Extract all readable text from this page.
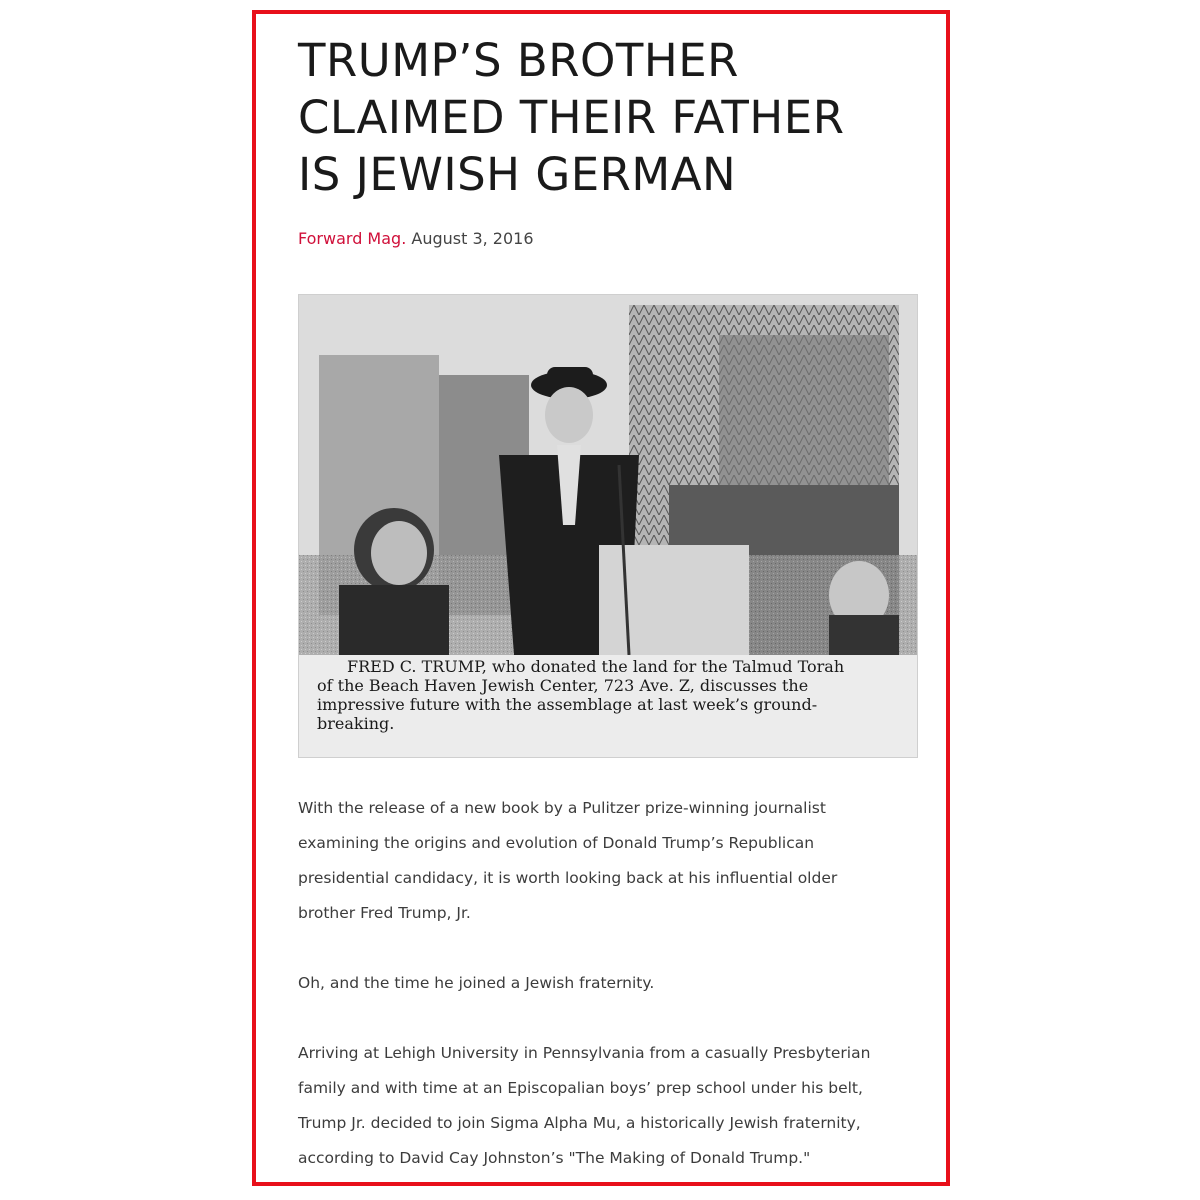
TRUMP’S BROTHER
CLAIMED THEIR FATHER
IS JEWISH GERMAN
Forward Mag. August 3, 2016
FRED C. TRUMP, who donated the land for the Talmud Torah
of the Beach Haven Jewish Center, 723 Ave. Z, discusses the
impressive future with the assemblage at last week’s ground-
breaking.

With the release of a new book by a Pulitzer prize-winning journalist
examining the origins and evolution of Donald Trump’s Republican
presidential candidacy, it is worth looking back at his influential older
brother Fred Trump, Jr.

Oh, and the time he joined a Jewish fraternity.

Arriving at Lehigh University in Pennsylvania from a casually Presbyterian
family and with time at an Episcopalian boys’ prep school under his belt,
Trump Jr. decided to join Sigma Alpha Mu, a historically Jewish fraternity,
according to David Cay Johnston’s "The Making of Donald Trump."
